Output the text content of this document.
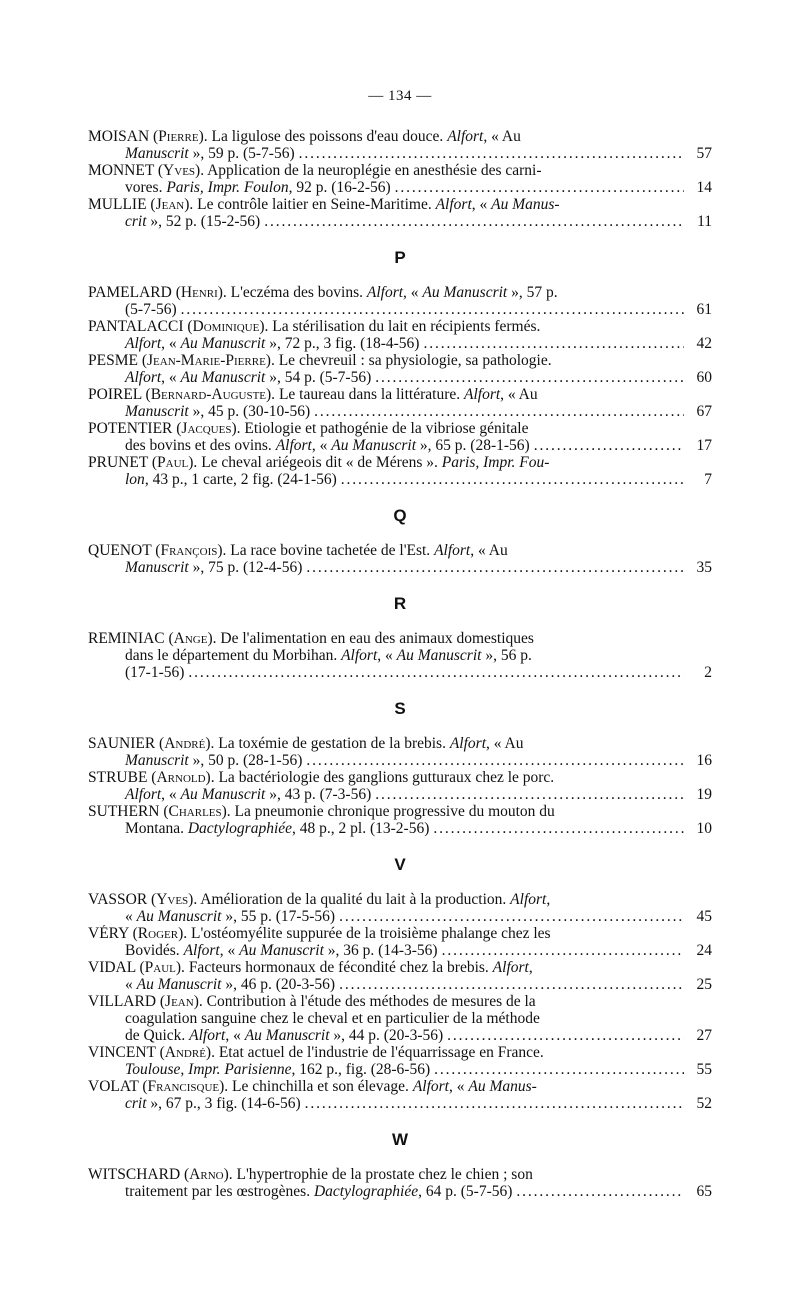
— 134 —
MOISAN (Pierre). La ligulose des poissons d'eau douce. Alfort, « Au
Manuscrit », 59 p. (5-7-56) . . .	57
MONNET (Yves). Application de la neuroplégie en anesthésie des carni-
vores. Paris, Impr. Foulon, 92 p. (16-2-56) . . .	14
MULLIE (Jean). Le contrôle laitier en Seine-Maritime. Alfort, « Au Manus-
crit », 52 p. (15-2-56) . . .	11
P
PAMELARD (Henri). L'eczéma des bovins. Alfort, « Au Manuscrit », 57 p.
(5-7-56) . . .	61
PANTALACCI (Dominique). La stérilisation du lait en récipients fermés.
Alfort, « Au Manuscrit », 72 p., 3 fig. (18-4-56) . . .	42
PESME (Jean-Marie-Pierre). Le chevreuil : sa physiologie, sa pathologie.
Alfort, « Au Manuscrit », 54 p. (5-7-56) . . .	60
POIREL (Bernard-Auguste). Le taureau dans la littérature. Alfort, « Au
Manuscrit », 45 p. (30-10-56) . . .	67
POTENTIER (Jacques). Etiologie et pathogénie de la vibriose génitale
des bovins et des ovins. Alfort, « Au Manuscrit », 65 p. (28-1-56) . . .	17
PRUNET (Paul). Le cheval ariégeois dit « de Mérens ». Paris, Impr. Fou-
lon, 43 p., 1 carte, 2 fig. (24-1-56) . . .	7
Q
QUENOT (François). La race bovine tachetée de l'Est. Alfort, « Au
Manuscrit », 75 p. (12-4-56) . . .	35
R
REMINIAC (Ange). De l'alimentation en eau des animaux domestiques
dans le département du Morbihan. Alfort, « Au Manuscrit », 56 p.
(17-1-56) . . .	2
S
SAUNIER (André). La toxémie de gestation de la brebis. Alfort, « Au
Manuscrit », 50 p. (28-1-56) . . .	16
STRUBE (Arnold). La bactériologie des ganglions gutturaux chez le porc.
Alfort, « Au Manuscrit », 43 p. (7-3-56) . . .	19
SUTHERN (Charles). La pneumonie chronique progressive du mouton du
Montana. Dactylographiée, 48 p., 2 pl. (13-2-56) . . .	10
V
VASSOR (Yves). Amélioration de la qualité du lait à la production. Alfort,
« Au Manuscrit », 55 p. (17-5-56) . . .	45
VÉRY (Roger). L'ostéomyélite suppurée de la troisième phalange chez les
Bovidés. Alfort, « Au Manuscrit », 36 p. (14-3-56) . . .	24
VIDAL (Paul). Facteurs hormonaux de fécondité chez la brebis. Alfort,
« Au Manuscrit », 46 p. (20-3-56) . . .	25
VILLARD (Jean). Contribution à l'étude des méthodes de mesures de la
coagulation sanguine chez le cheval et en particulier de la méthode
de Quick. Alfort, « Au Manuscrit », 44 p. (20-3-56) . . .	27
VINCENT (André). Etat actuel de l'industrie de l'équarrissage en France.
Toulouse, Impr. Parisienne, 162 p., fig. (28-6-56) . . .	55
VOLAT (Francisque). Le chinchilla et son élevage. Alfort, « Au Manus-
crit », 67 p., 3 fig. (14-6-56) . . .	52
W
WITSCHARD (Arno). L'hypertrophie de la prostate chez le chien ; son
traitement par les œstrogènes. Dactylographiée, 64 p. (5-7-56) . . .	65
